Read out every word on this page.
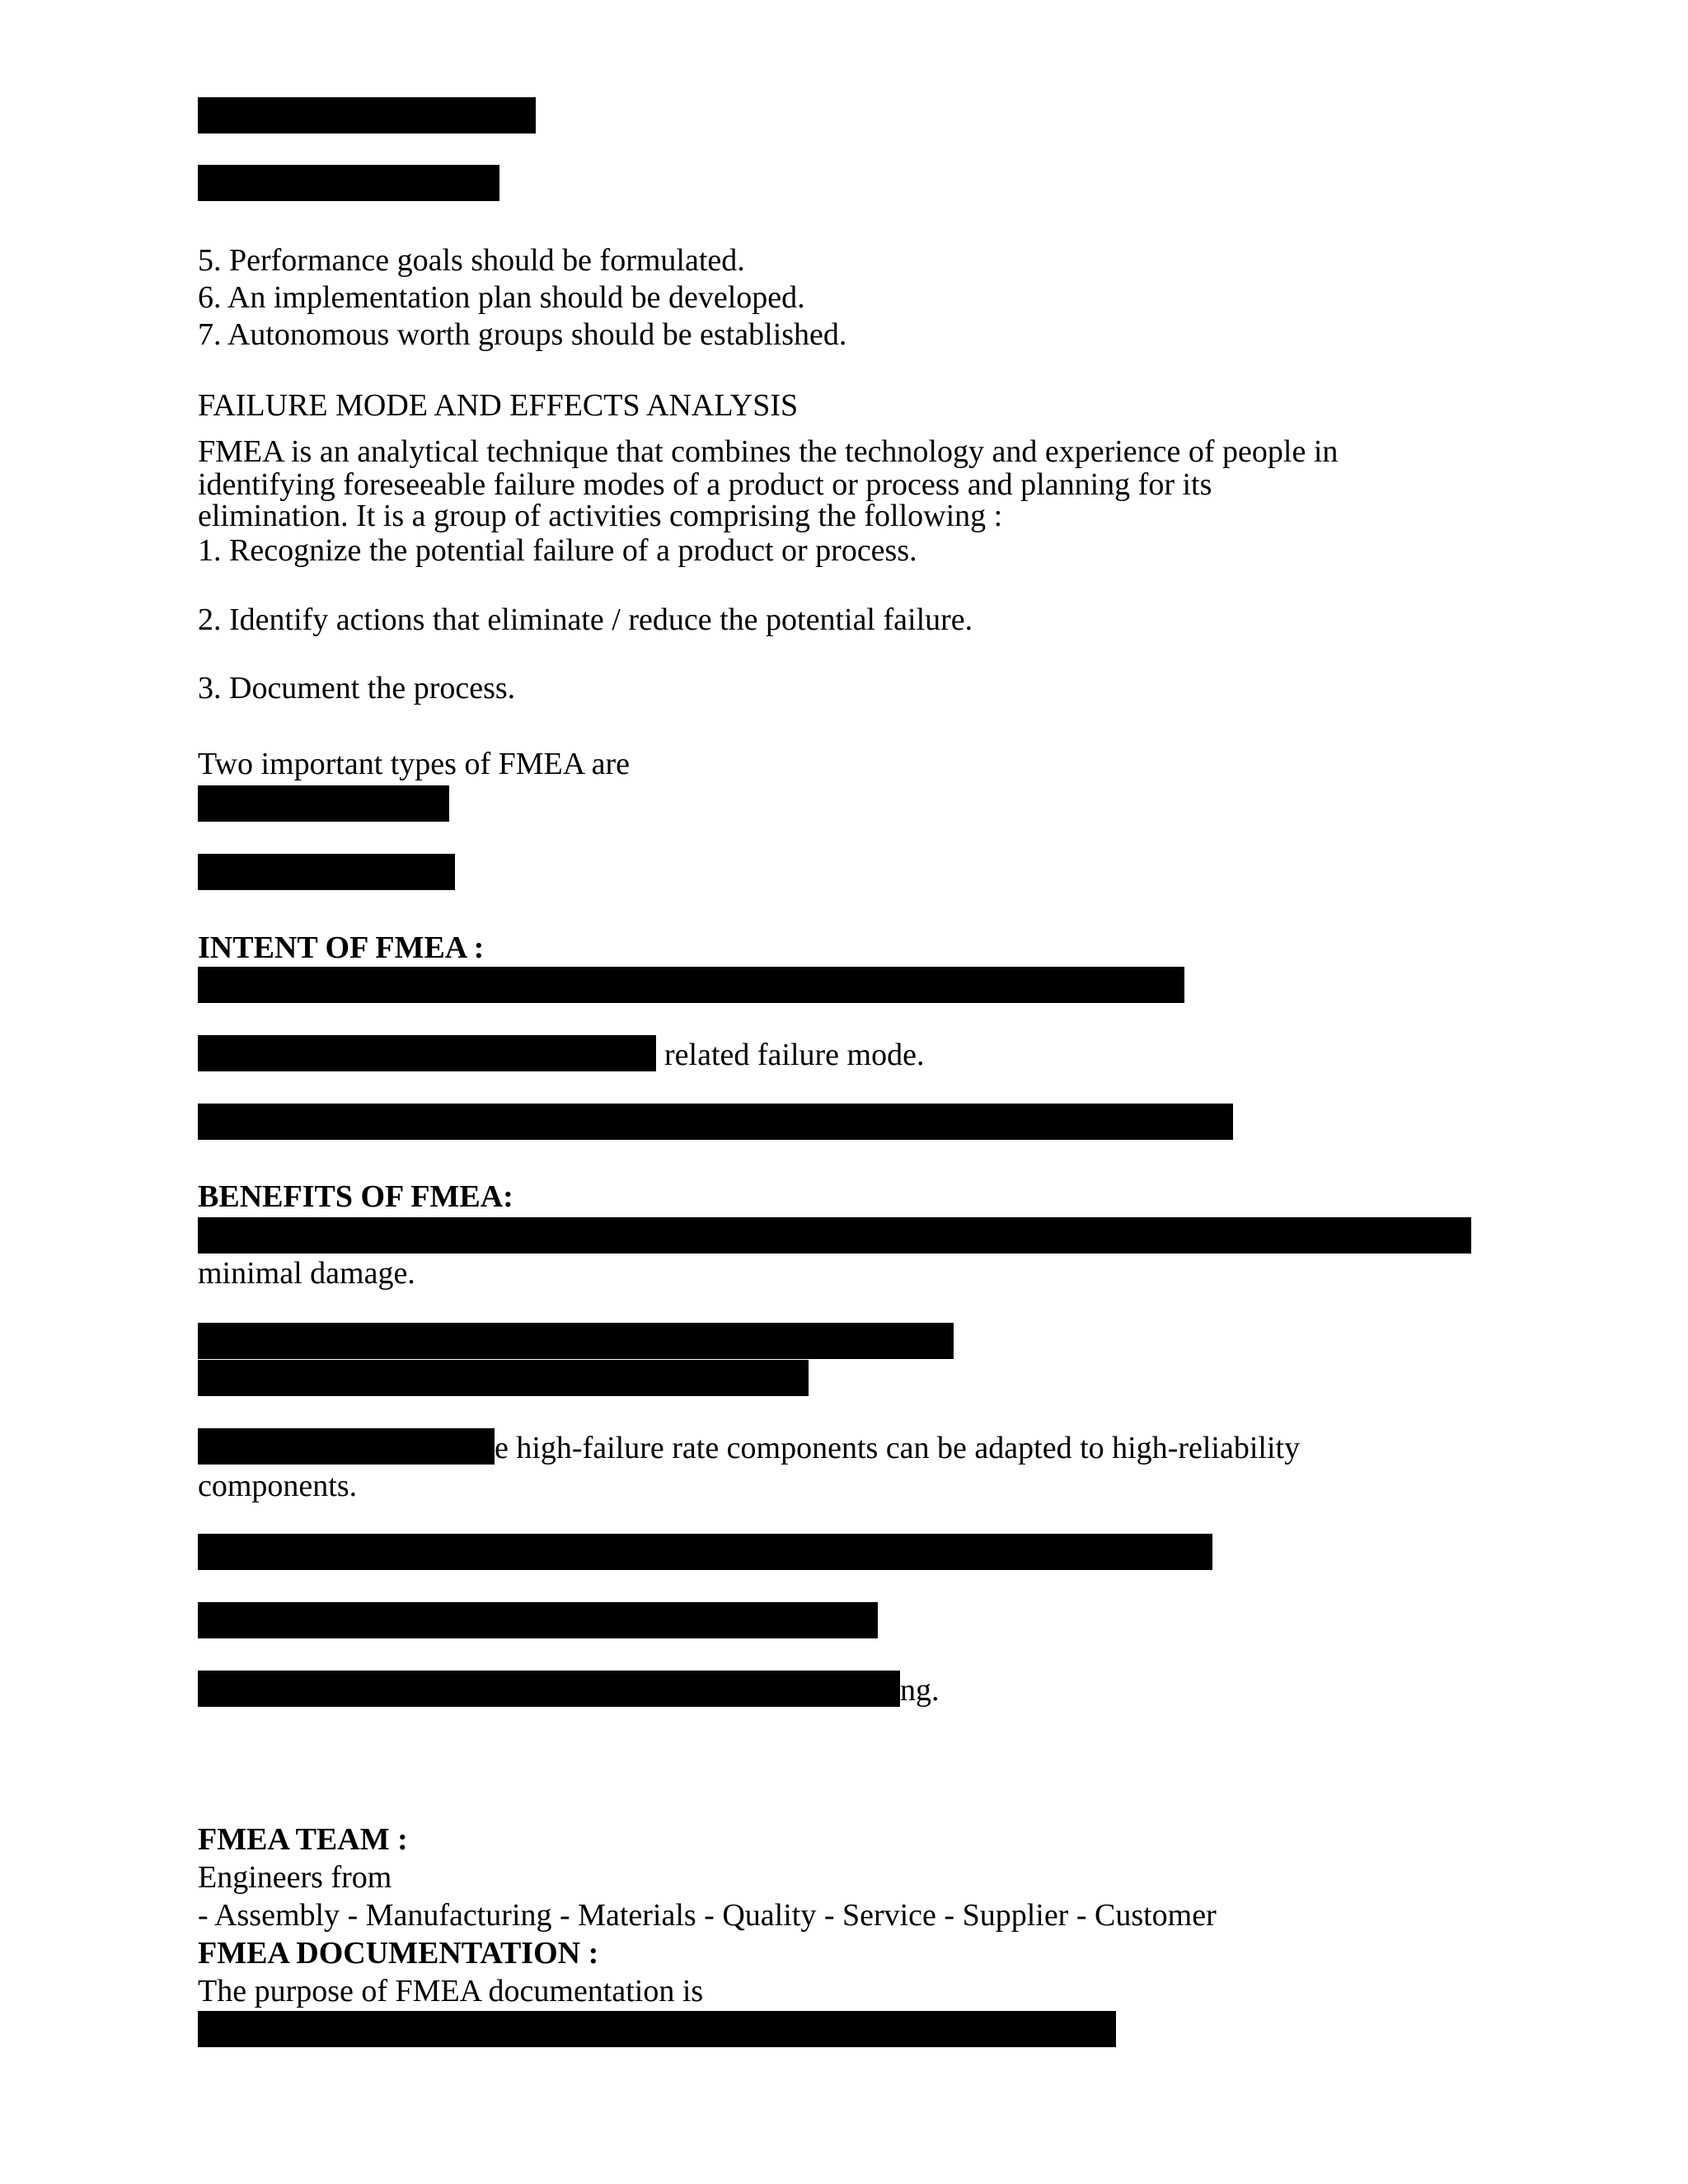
5. Performance goals should be formulated.
6. An implementation plan should be developed.
7. Autonomous worth groups should be established.
FAILURE MODE AND EFFECTS ANALYSIS
FMEA is an analytical technique that combines the technology and experience of people in
identifying foreseeable failure modes of a product or process and planning for its
elimination. It is a group of activities comprising the following :
1. Recognize the potential failure of a product or process.
2. Identify actions that eliminate / reduce the potential failure.
3. Document the process.
Two important types of FMEA are
INTENT OF FMEA :
related failure mode.
BENEFITS OF FMEA:
minimal damage.
e high-failure rate components can be adapted to high-reliability
components.
ng.
FMEA TEAM :
Engineers from
- Assembly - Manufacturing - Materials - Quality - Service - Supplier - Customer
FMEA DOCUMENTATION :
The purpose of FMEA documentation is
